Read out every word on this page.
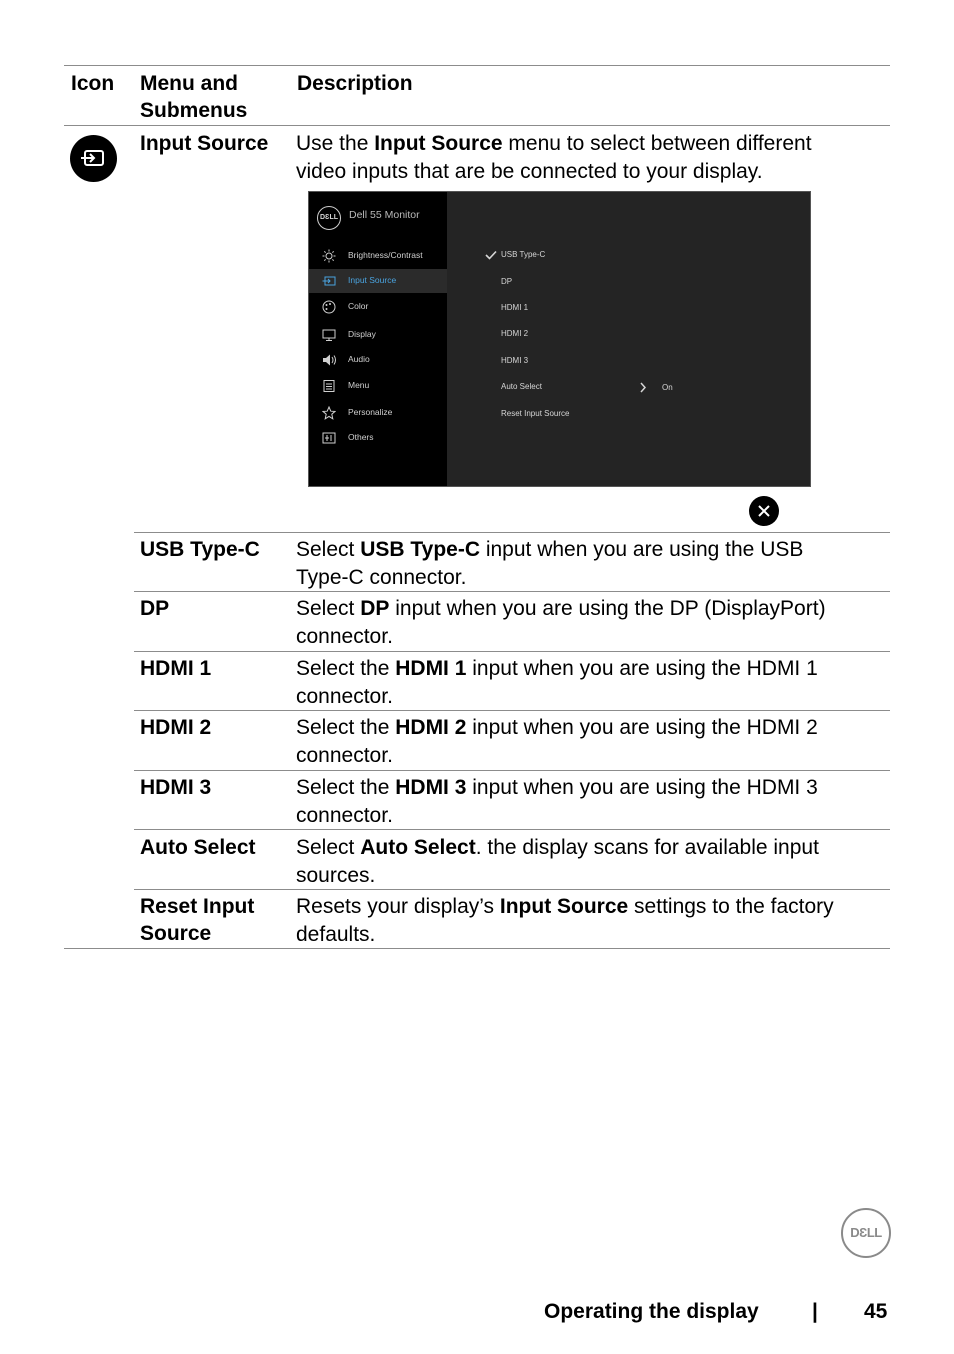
Icon Menu and
Submenus
Description
Input Source Use the Input Source menu to select between different video inputs that are be connected to your display.
DƐLL Dell 55 Monitor
Brightness/Contrast
Input Source
Color
Display
Audio
Menu
Personalize
Others
USB Type-C
DP
HDMI 1
HDMI 2
HDMI 3
Auto Select	On
Reset Input Source
USB Type-C Select USB Type-C input when you are using the USB Type-C connector.
DP	Select DP input when you are using the DP (DisplayPort) connector.
HDMI 1	Select the HDMI 1 input when you are using the HDMI 1 connector.
HDMI 2	Select the HDMI 2 input when you are using the HDMI 2 connector.
HDMI 3	Select the HDMI 3 input when you are using the HDMI 3 connector.
Auto Select Select Auto Select. the display scans for available input sources.
Reset Input
Source
Resets your display’s Input Source settings to the factory defaults.
DƐLL
Operating the display	| 45
